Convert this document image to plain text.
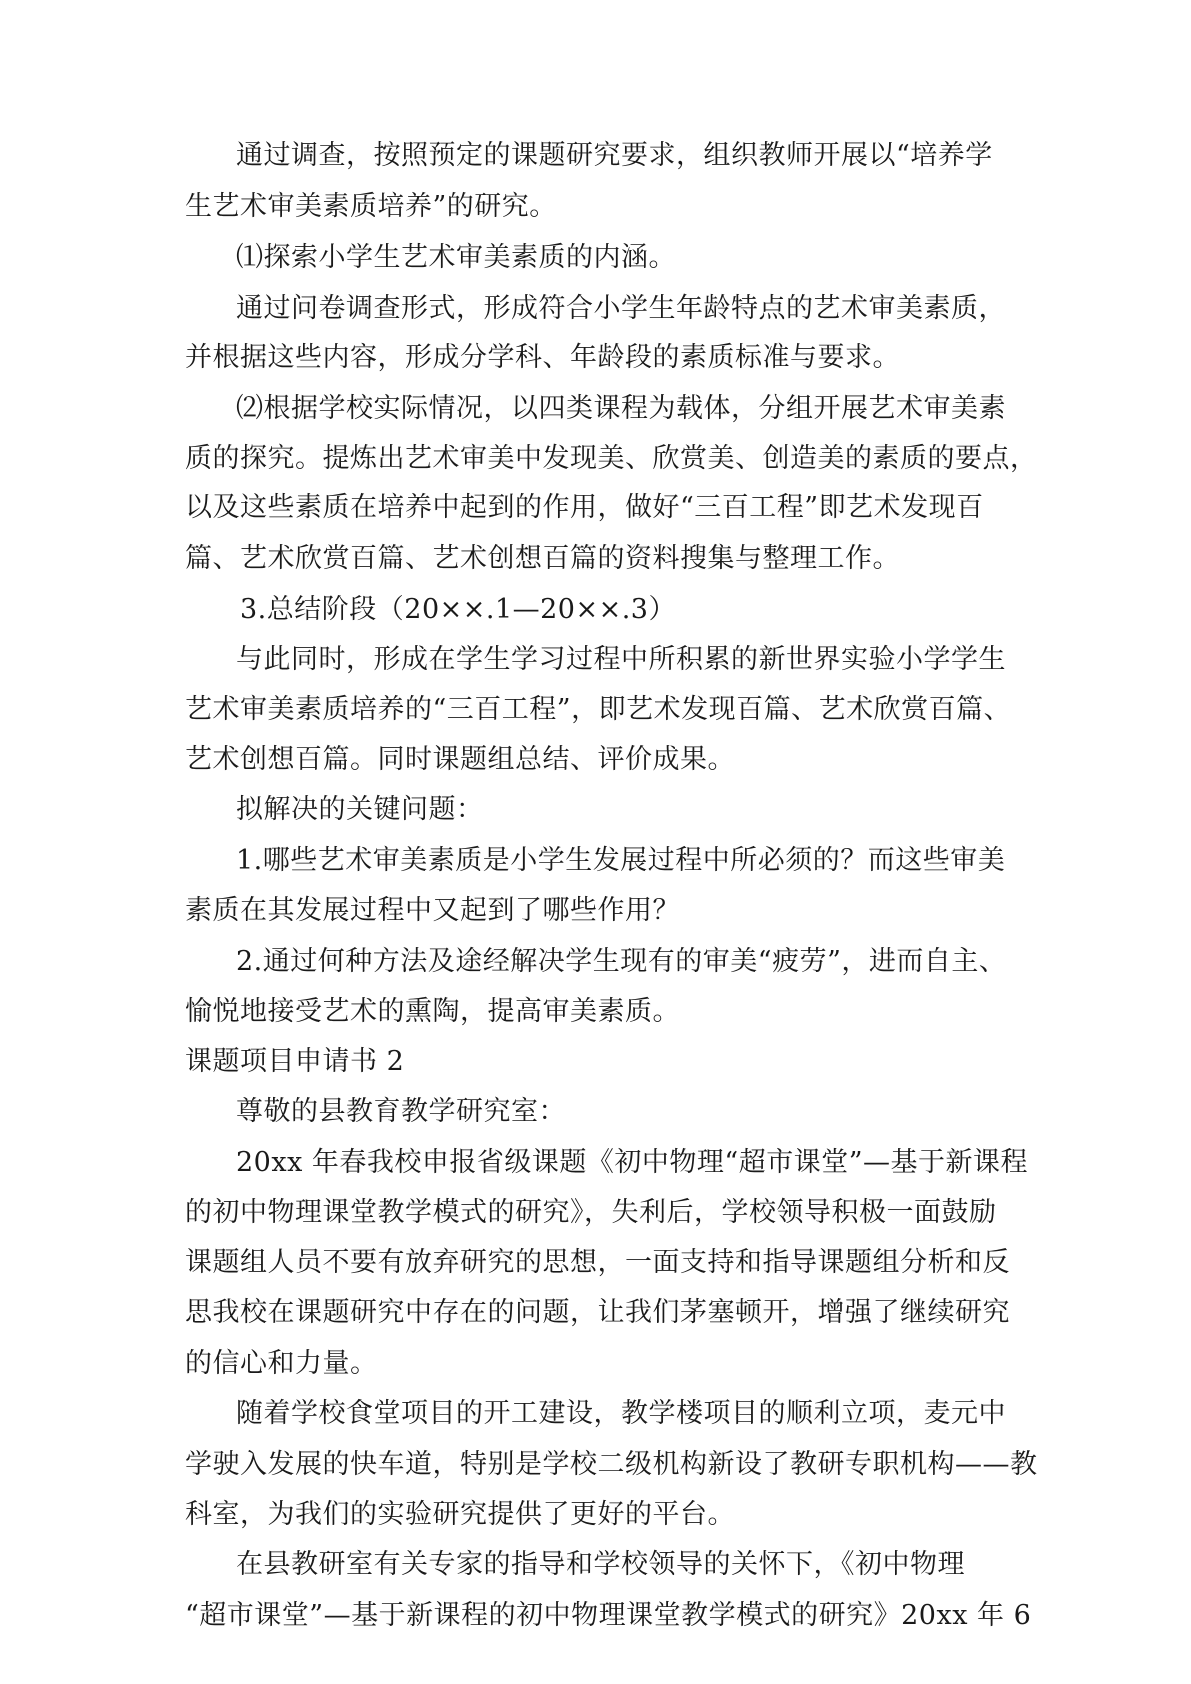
通过调查，按照预定的课题研究要求，组织教师开展以“培养学
生艺术审美素质培养”的研究。
⑴探索小学生艺术审美素质的内涵。
通过问卷调查形式，形成符合小学生年龄特点的艺术审美素质，
并根据这些内容，形成分学科、年龄段的素质标准与要求。
⑵根据学校实际情况，以四类课程为载体，分组开展艺术审美素
质的探究。提炼出艺术审美中发现美、欣赏美、创造美的素质的要点，
以及这些素质在培养中起到的作用，做好“三百工程”即艺术发现百
篇、艺术欣赏百篇、艺术创想百篇的资料搜集与整理工作。
3.总结阶段（20××.1—20××.3）
与此同时，形成在学生学习过程中所积累的新世界实验小学学生
艺术审美素质培养的“三百工程”，即艺术发现百篇、艺术欣赏百篇、
艺术创想百篇。同时课题组总结、评价成果。
拟解决的关键问题：
1.哪些艺术审美素质是小学生发展过程中所必须的？而这些审美
素质在其发展过程中又起到了哪些作用？
2.通过何种方法及途经解决学生现有的审美“疲劳”，进而自主、
愉悦地接受艺术的熏陶，提高审美素质。
课题项目申请书 2
尊敬的县教育教学研究室：
20xx 年春我校申报省级课题《初中物理“超市课堂”—基于新课程
的初中物理课堂教学模式的研究》，失利后，学校领导积极一面鼓励
课题组人员不要有放弃研究的思想，一面支持和指导课题组分析和反
思我校在课题研究中存在的问题，让我们茅塞顿开，增强了继续研究
的信心和力量。
随着学校食堂项目的开工建设，教学楼项目的顺利立项，麦元中
学驶入发展的快车道，特别是学校二级机构新设了教研专职机构——教
科室，为我们的实验研究提供了更好的平台。
在县教研室有关专家的指导和学校领导的关怀下，《初中物理
“超市课堂”—基于新课程的初中物理课堂教学模式的研究》20xx 年 6
